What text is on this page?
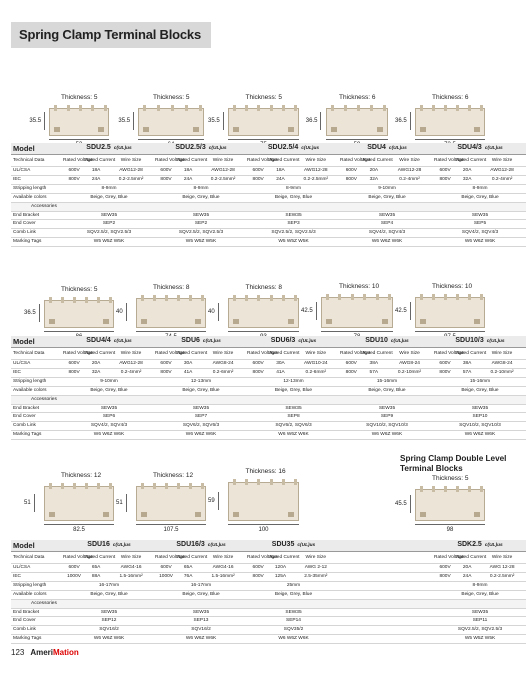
Spring Clamp Terminal Blocks
Thickness: 5
35.5
Thickness: 5
35.5
Thickness: 5
35.5
Thickness: 6
36.5
Thickness: 6
36.5
Model	SDU2.5 c(UL)us			SDU2.5/3 c(UL)us			SDU2.5/4 c(UL)us			SDU4 c(UL)us			SDU4/3 c(UL)us		
Technical Data	Rated Voltage	Rated Current	Wire Size	Rated Voltage	Rated Current	Wire Size	Rated Voltage	Rated Current	Wire Size	Rated Voltage	Rated Current	Wire Size	Rated Voltage	Rated Current	Wire Size
UL/CSA	600V	18A	AWG12-28	600V	18A	AWG12-28	600V	18A	AWG12-28	600V	20A	AWG12-28	600V	20A	AWG12-28
IEC	800V	24A	0.2-2.5mm²	800V	24A	0.2-2.5mm²	800V	24A	0.2-2.5mm²	800V	32A	0.2-4mm²	800V	32A	0.2-4mm²
Stripping length	8-9mm			8-9mm			8-9mm			9-10mm			8-9mm		
Available colors	Beige, Grey, Blue			Beige, Grey, Blue			Beige, Grey, Blue			Beige, Grey, Blue			Beige, Grey, Blue		
Accessories															
End Bracket	SEW35			SEW35			SEW35			SEW35			SEW35		
End Cover	SEP2			SEP2			SEP3			SEP4			SEP5		
Comb Link	SQV2.5/2, SQV2.5/3			SQV2.5/2, SQV2.5/3			SQV2.5/2, SQV2.5/3			SQV4/2, SQV4/3			SQV4/2, SQV4/3		
Marking Tags	W5 W5Z W5K			W5 W5Z W5K			W5 W5Z W5K			W6 W6Z W6K			W6 W6Z W6K		
Thickness: 5
36.5
Thickness: 8
40
Thickness: 8
40
Thickness: 10
42.5
Thickness: 10
42.5
Model	SDU4/4 c(UL)us			SDU6 c(UL)us			SDU6/3 c(UL)us			SDU10 c(UL)us			SDU10/3 c(UL)us		
Technical Data	Rated Voltage	Rated Current	Wire Size	Rated Voltage	Rated Current	Wire Size	Rated Voltage	Rated Current	Wire Size	Rated Voltage	Rated Current	Wire Size	Rated Voltage	Rated Current	Wire Size
UL/CSA	600V	20A	AWG12-28	600V	30A	AWG8-24	600V	30A	AWG10-24	600V	38A	AWG8-24	600V	38A	AWG8-24
IEC	800V	32A	0.2-4mm²	800V	41A	0.2-6mm²	800V	41A	0.2-6mm²	800V	57A	0.2-10mm²	800V	57A	0.2-10mm²
Stripping length	9-10mm			12-13mm			12-13mm			15-16mm			15-16mm		
Available colors	Beige, Grey, Blue			Beige, Grey, Blue			Beige, Grey, Blue			Beige, Grey, Blue			Beige, Grey, Blue		
Accessories															
End Bracket	SEW35			SEW35			SEW35			SEW35			SEW35		
End Cover	SEP6			SEP7			SEP8			SEP9			SEP10		
Comb Link	SQV4/2, SQV4/3			SQV6/2, SQV6/3			SQV6/2, SQV6/3			SQV10/2, SQV10/3			SQV10/2, SQV10/3		
Marking Tags	W6 W6Z W6K			W6 W6Z W6K			W6 W6Z W6K			W6 W6Z W6K			W6 W6Z W6K		
Thickness: 12
51
82.5
Thickness: 12
51
107.5
Thickness: 16
59
100
Thickness: 5
45.5
98
Model	SDU16 c(UL)us			SDU16/3 c(UL)us			SDU35 c(UL)us				SDK2.5 c(UL)us		
Technical Data	Rated Voltage	Rated Current	Wire Size	Rated Voltage	Rated Current	Wire Size	Rated Voltage	Rated Current	Wire Size		Rated Voltage	Rated Current	Wire Size
UL/CSA	600V	65A	AWG4-16	600V	65A	AWG4-16	600V	120A	AWG 2-12		600V	20A	AWG 12-28
IEC	1000V	88A	1.5-16mm²	1000V	76A	1.5-16mm²	800V	125A	2.5-35mm²		800V	24A	0.2-2.5mm²
Stripping length	16-17mm			16-17mm			25mm				8-9mm		
Available colors	Beige, Grey, Blue			Beige, Grey, Blue			Beige, Grey, Blue				Beige, Grey, Blue		
Accessories													
End Bracket	SEW35			SEW35			SEW35				SEW35		
End Cover	SEP12			SEP13			SEP14				SEP11		
Comb Link	SQV16/2			SQV16/2			SQV35/2				SQV2.5/2, SQV2.5/3		
Marking Tags	W6 W6Z W6K			W6 W6Z W6K			W6 W6Z W6K				W5 W5Z W5K		
Spring Clamp Double Level Terminal Blocks
123 AmeriMation
